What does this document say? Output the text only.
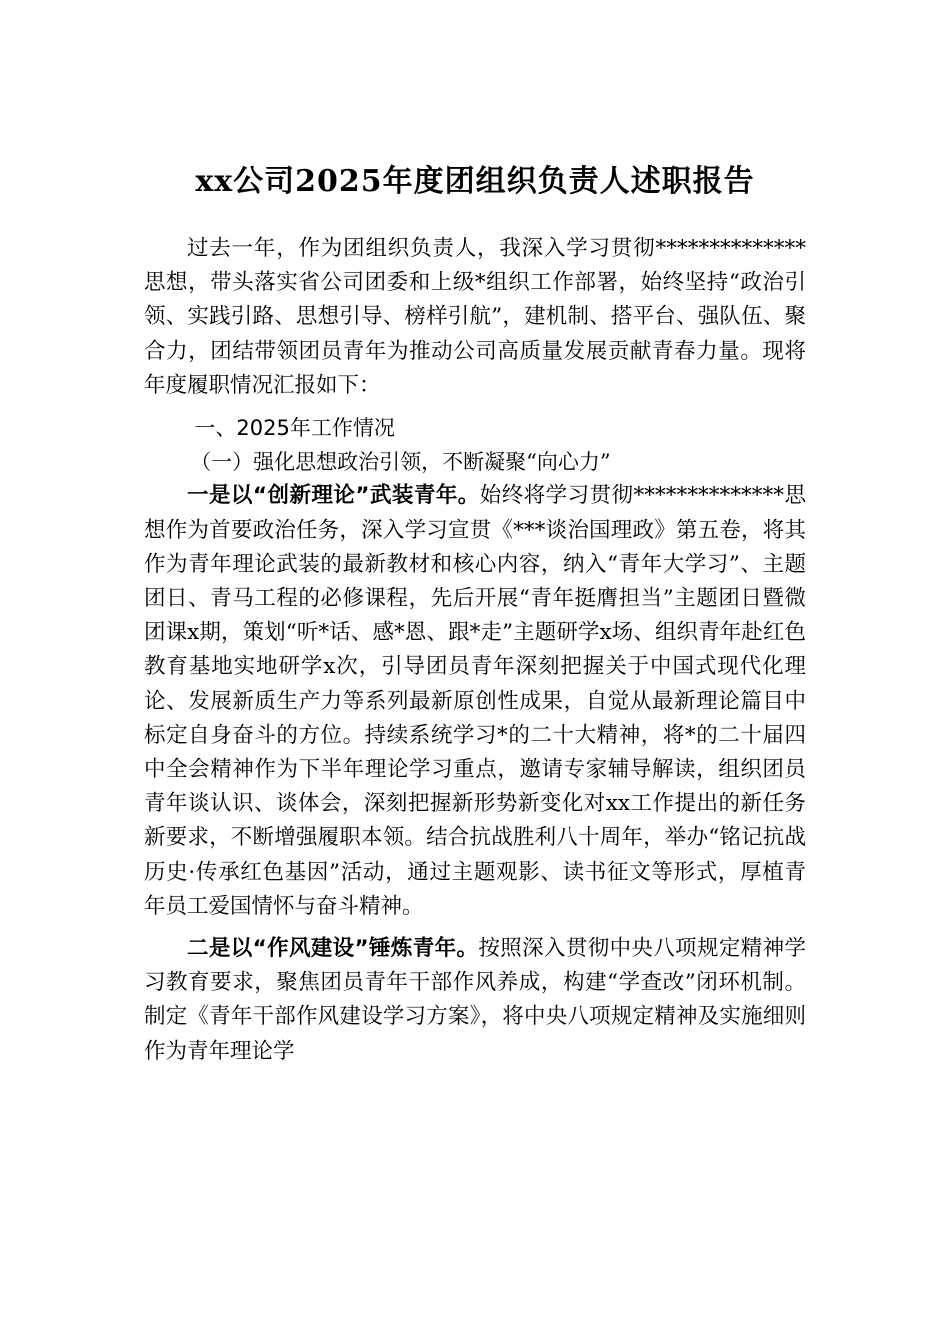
xx公司2025年度团组织负责人述职报告

过去一年，作为团组织负责人，我深入学习贯彻**************思想，带头落实省公司团委和上级*组织工作部署，始终坚持“政治引领、实践引路、思想引导、榜样引航”，建机制、搭平台、强队伍、聚合力，团结带领团员青年为推动公司高质量发展贡献青春力量。现将年度履职情况汇报如下：

一、2025年工作情况

（一）强化思想政治引领，不断凝聚“向心力”

一是以“创新理论”武装青年。始终将学习贯彻**************思想作为首要政治任务，深入学习宣贯《***谈治国理政》第五卷，将其作为青年理论武装的最新教材和核心内容，纳入“青年大学习”、主题团日、青马工程的必修课程，先后开展“青年挺膺担当”主题团日暨微团课x期，策划“听*话、感*恩、跟*走”主题研学x场、组织青年赴红色教育基地实地研学x次，引导团员青年深刻把握关于中国式现代化理论、发展新质生产力等系列最新原创性成果，自觉从最新理论篇目中标定自身奋斗的方位。持续系统学习*的二十大精神，将*的二十届四中全会精神作为下半年理论学习重点，邀请专家辅导解读，组织团员青年谈认识、谈体会，深刻把握新形势新变化对xx工作提出的新任务新要求，不断增强履职本领。结合抗战胜利八十周年，举办“铭记抗战历史·传承红色基因”活动，通过主题观影、读书征文等形式，厚植青年员工爱国情怀与奋斗精神。

二是以“作风建设”锤炼青年。按照深入贯彻中央八项规定精神学习教育要求，聚焦团员青年干部作风养成，构建“学查改”闭环机制。制定《青年干部作风建设学习方案》，将中央八项规定精神及实施细则作为青年理论学
